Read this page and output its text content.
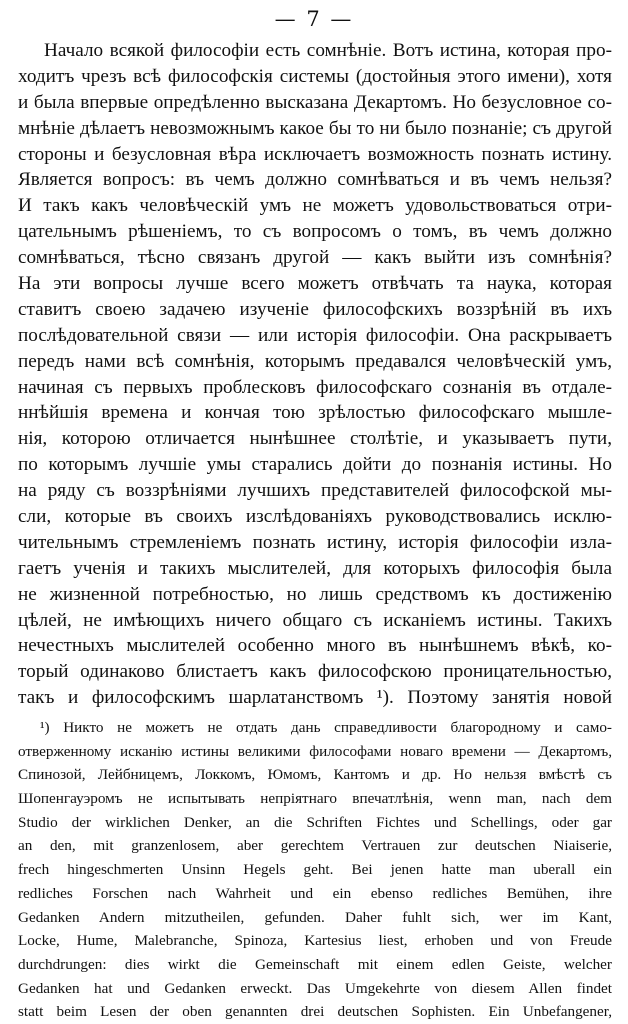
— 7 —
Начало всякой философіи есть сомнѣніе. Вотъ истина, которая про-
ходитъ чрезъ всѣ философскія системы (достойныя этого имени), хотя
и была впервые опредѣленно высказана Декартомъ. Но безусловное со-
мнѣніе дѣлаетъ невозможнымъ какое бы то ни было познаніе; съ другой
стороны и безусловная вѣра исключаетъ возможность познать истину.
Является вопросъ: въ чемъ должно сомнѣваться и въ чемъ нельзя?
И такъ какъ человѣческій умъ не можетъ удовольствоваться отри-
цательнымъ рѣшеніемъ, то съ вопросомъ о томъ, въ чемъ должно
сомнѣваться, тѣсно связанъ другой — какъ выйти изъ сомнѣнія?
На эти вопросы лучше всего можетъ отвѣчать та наука, которая
ставитъ своею задачею изученіе философскихъ воззрѣній въ ихъ
послѣдовательной связи — или исторія философіи. Она раскрываетъ
передъ нами всѣ сомнѣнія, которымъ предавался человѣческій умъ,
начиная съ первыхъ проблесковъ философскаго сознанія въ отдале-
ннѣйшія времена и кончая тою зрѣлостью философскаго мышле-
нія, которою отличается нынѣшнее столѣтіе, и указываетъ пути,
по которымъ лучшіе умы старались дойти до познанія истины. Но
на ряду съ воззрѣніями лучшихъ представителей философской мы-
сли, которые въ своихъ изслѣдованіяхъ руководствовались исклю-
чительнымъ стремленіемъ познать истину, исторія философіи изла-
гаетъ ученія и такихъ мыслителей, для которыхъ философія была
не жизненной потребностью, но лишь средствомъ къ достиженію
цѣлей, не имѣющихъ ничего общаго съ исканіемъ истины. Такихъ
нечестныхъ мыслителей особенно много въ нынѣшнемъ вѣкѣ, ко-
торый одинаково блистаетъ какъ философскою проницательностью,
такъ и философскимъ шарлатанствомъ ¹). Поэтому занятія новой
¹) Никто не можетъ не отдать дань справедливости благородному и само-
отверженному исканію истины великими философами новаго времени — Декартомъ,
Спинозой, Лейбницемъ, Локкомъ, Юмомъ, Кантомъ и др. Но нельзя вмѣстѣ съ
Шопенгауэромъ не испытывать непріятнаго впечатлѣнія, wenn man, nach dem
Studio der wirklichen Denker, an die Schriften Fichtes und Schellings, oder gar
an den, mit granzenlosem, aber gerechtem Vertrauen zur deutschen Niaiserie,
frech hingeschmerten Unsinn Hegels geht. Bei jenen hatte man uberall ein
redliches Forschen nach Wahrheit und ein ebenso redliches Bemühen, ihre
Gedanken Andern mitzutheilen, gefunden. Daher fuhlt sich, wer im Kant,
Locke, Hume, Malebranche, Spinoza, Kartesius liest, erhoben und von Freude
durchdrungen: dies wirkt die Gemeinschaft mit einem edlen Geiste, welcher
Gedanken hat und Gedanken erweckt. Das Umgekehrte von diesem Allen findet
statt beim Lesen der oben genannten drei deutschen Sophisten. Ein Unbefangener,
